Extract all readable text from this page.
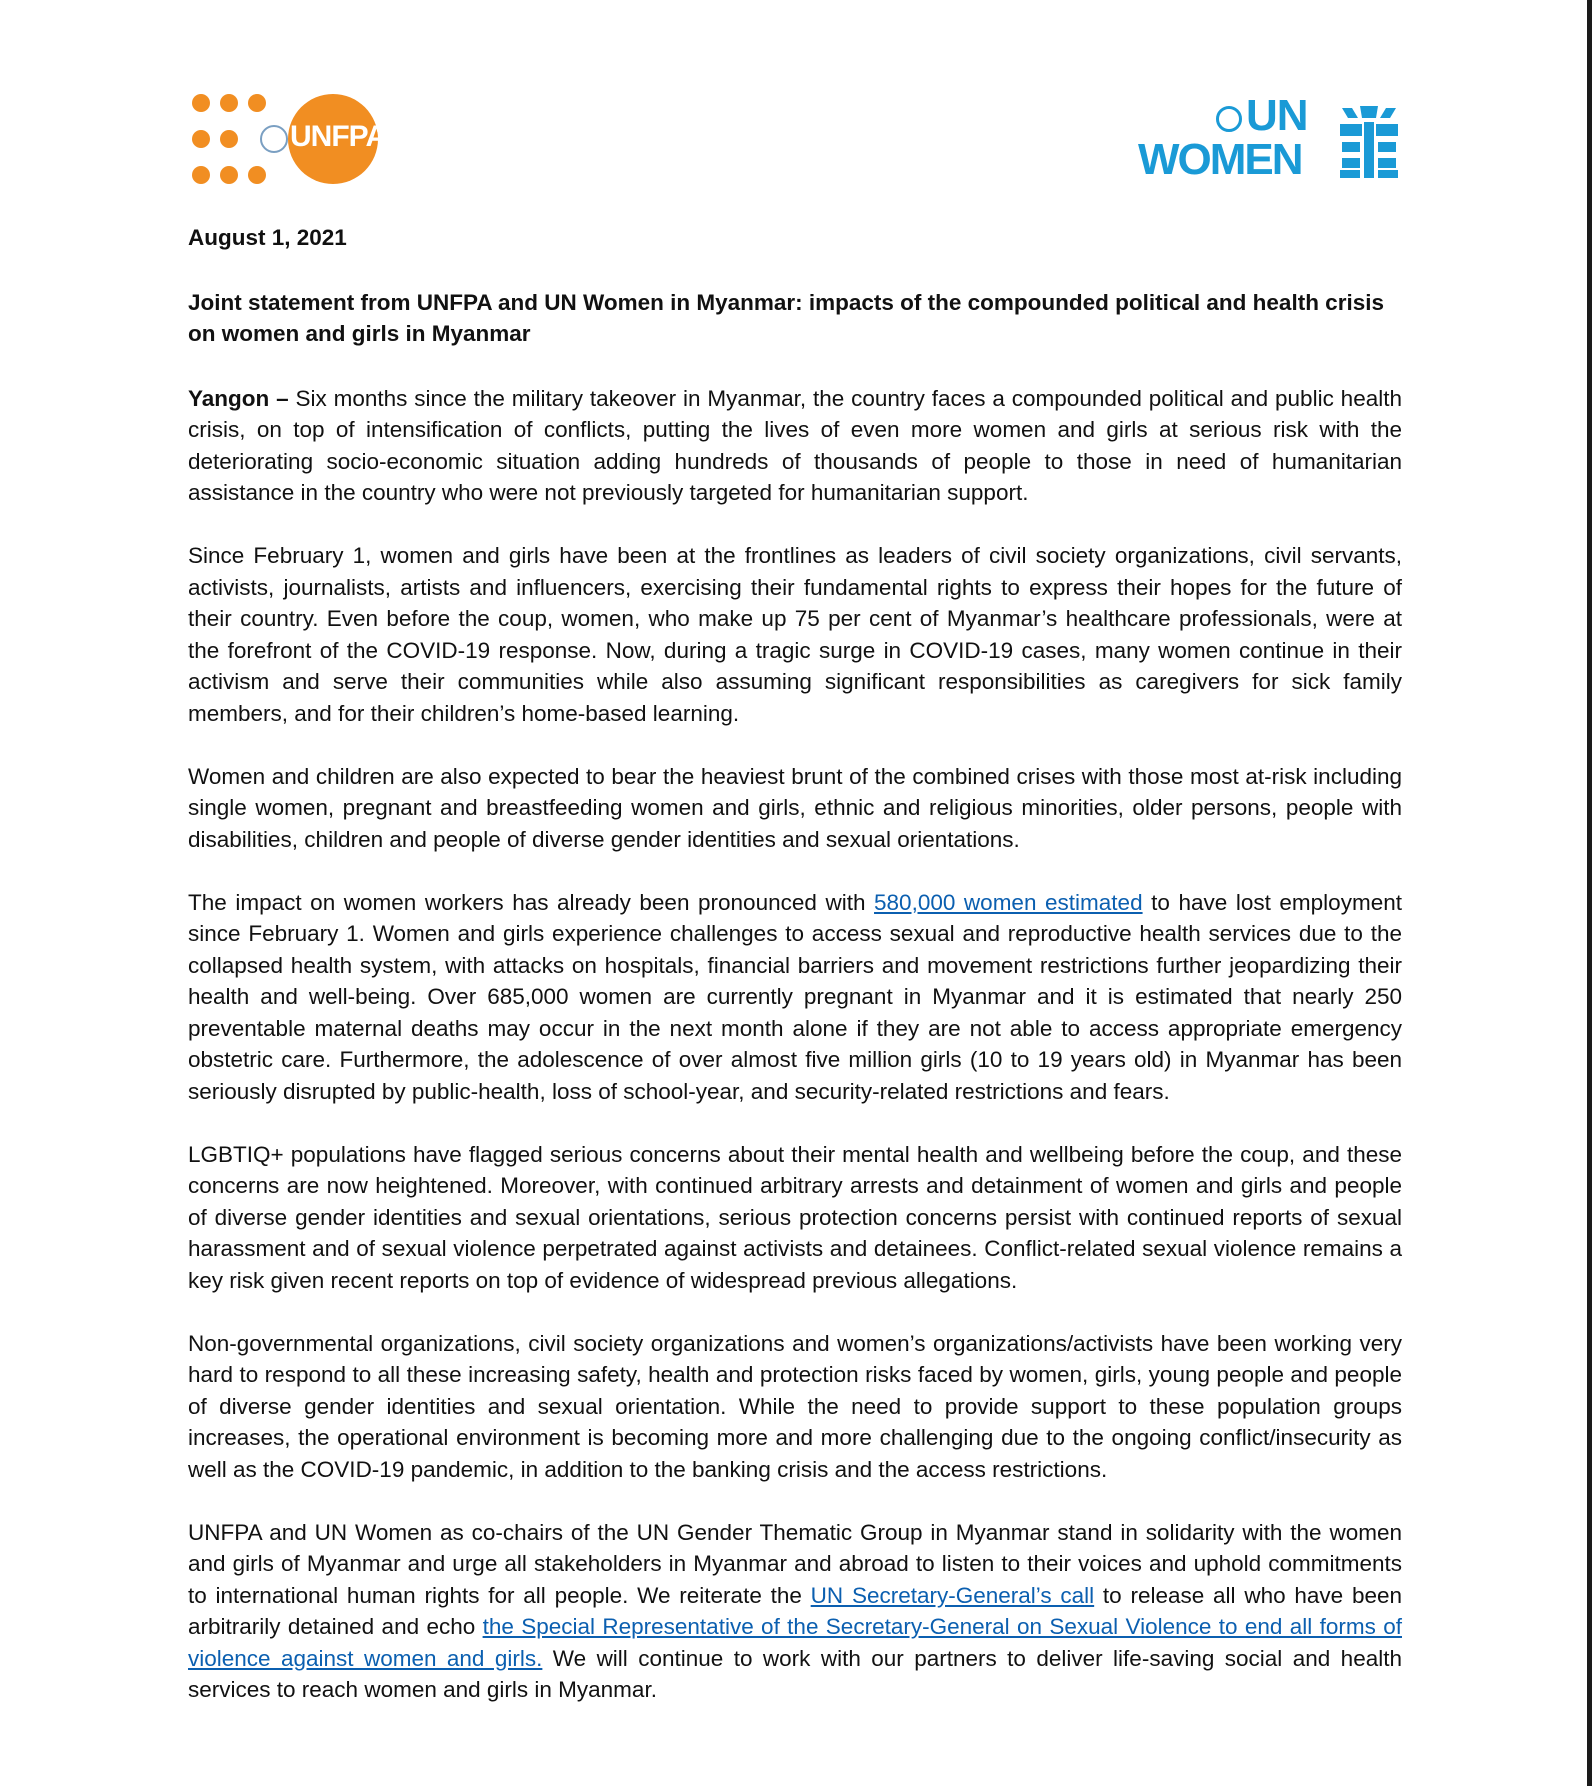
UNFPA	UN
WOMEN

August 1, 2021

Joint statement from UNFPA and UN Women in Myanmar: impacts of the compounded political and health crisis on women and girls in Myanmar

Yangon – Six months since the military takeover in Myanmar, the country faces a compounded political and public health crisis, on top of intensification of conflicts, putting the lives of even more women and girls at serious risk with the deteriorating socio-economic situation adding hundreds of thousands of people to those in need of humanitarian assistance in the country who were not previously targeted for humanitarian support.

Since February 1, women and girls have been at the frontlines as leaders of civil society organizations, civil servants, activists, journalists, artists and influencers, exercising their fundamental rights to express their hopes for the future of their country. Even before the coup, women, who make up 75 per cent of Myanmar’s healthcare professionals, were at the forefront of the COVID-19 response. Now, during a tragic surge in COVID-19 cases, many women continue in their activism and serve their communities while also assuming significant responsibilities as caregivers for sick family members, and for their children’s home-based learning.

Women and children are also expected to bear the heaviest brunt of the combined crises with those most at-risk including single women, pregnant and breastfeeding women and girls, ethnic and religious minorities, older persons, people with disabilities, children and people of diverse gender identities and sexual orientations.

The impact on women workers has already been pronounced with 580,000 women estimated to have lost employment since February 1. Women and girls experience challenges to access sexual and reproductive health services due to the collapsed health system, with attacks on hospitals, financial barriers and movement restrictions further jeopardizing their health and well-being. Over 685,000 women are currently pregnant in Myanmar and it is estimated that nearly 250 preventable maternal deaths may occur in the next month alone if they are not able to access appropriate emergency obstetric care. Furthermore, the adolescence of over almost five million girls (10 to 19 years old) in Myanmar has been seriously disrupted by public-health, loss of school-year, and security-related restrictions and fears.

LGBTIQ+ populations have flagged serious concerns about their mental health and wellbeing before the coup, and these concerns are now heightened. Moreover, with continued arbitrary arrests and detainment of women and girls and people of diverse gender identities and sexual orientations, serious protection concerns persist with continued reports of sexual harassment and of sexual violence perpetrated against activists and detainees. Conflict-related sexual violence remains a key risk given recent reports on top of evidence of widespread previous allegations.

Non-governmental organizations, civil society organizations and women’s organizations/activists have been working very hard to respond to all these increasing safety, health and protection risks faced by women, girls, young people and people of diverse gender identities and sexual orientation. While the need to provide support to these population groups increases, the operational environment is becoming more and more challenging due to the ongoing conflict/insecurity as well as the COVID-19 pandemic, in addition to the banking crisis and the access restrictions.

UNFPA and UN Women as co-chairs of the UN Gender Thematic Group in Myanmar stand in solidarity with the women and girls of Myanmar and urge all stakeholders in Myanmar and abroad to listen to their voices and uphold commitments to international human rights for all people. We reiterate the UN Secretary-General’s call to release all who have been arbitrarily detained and echo the Special Representative of the Secretary-General on Sexual Violence to end all forms of violence against women and girls. We will continue to work with our partners to deliver life-saving social and health services to reach women and girls in Myanmar.
